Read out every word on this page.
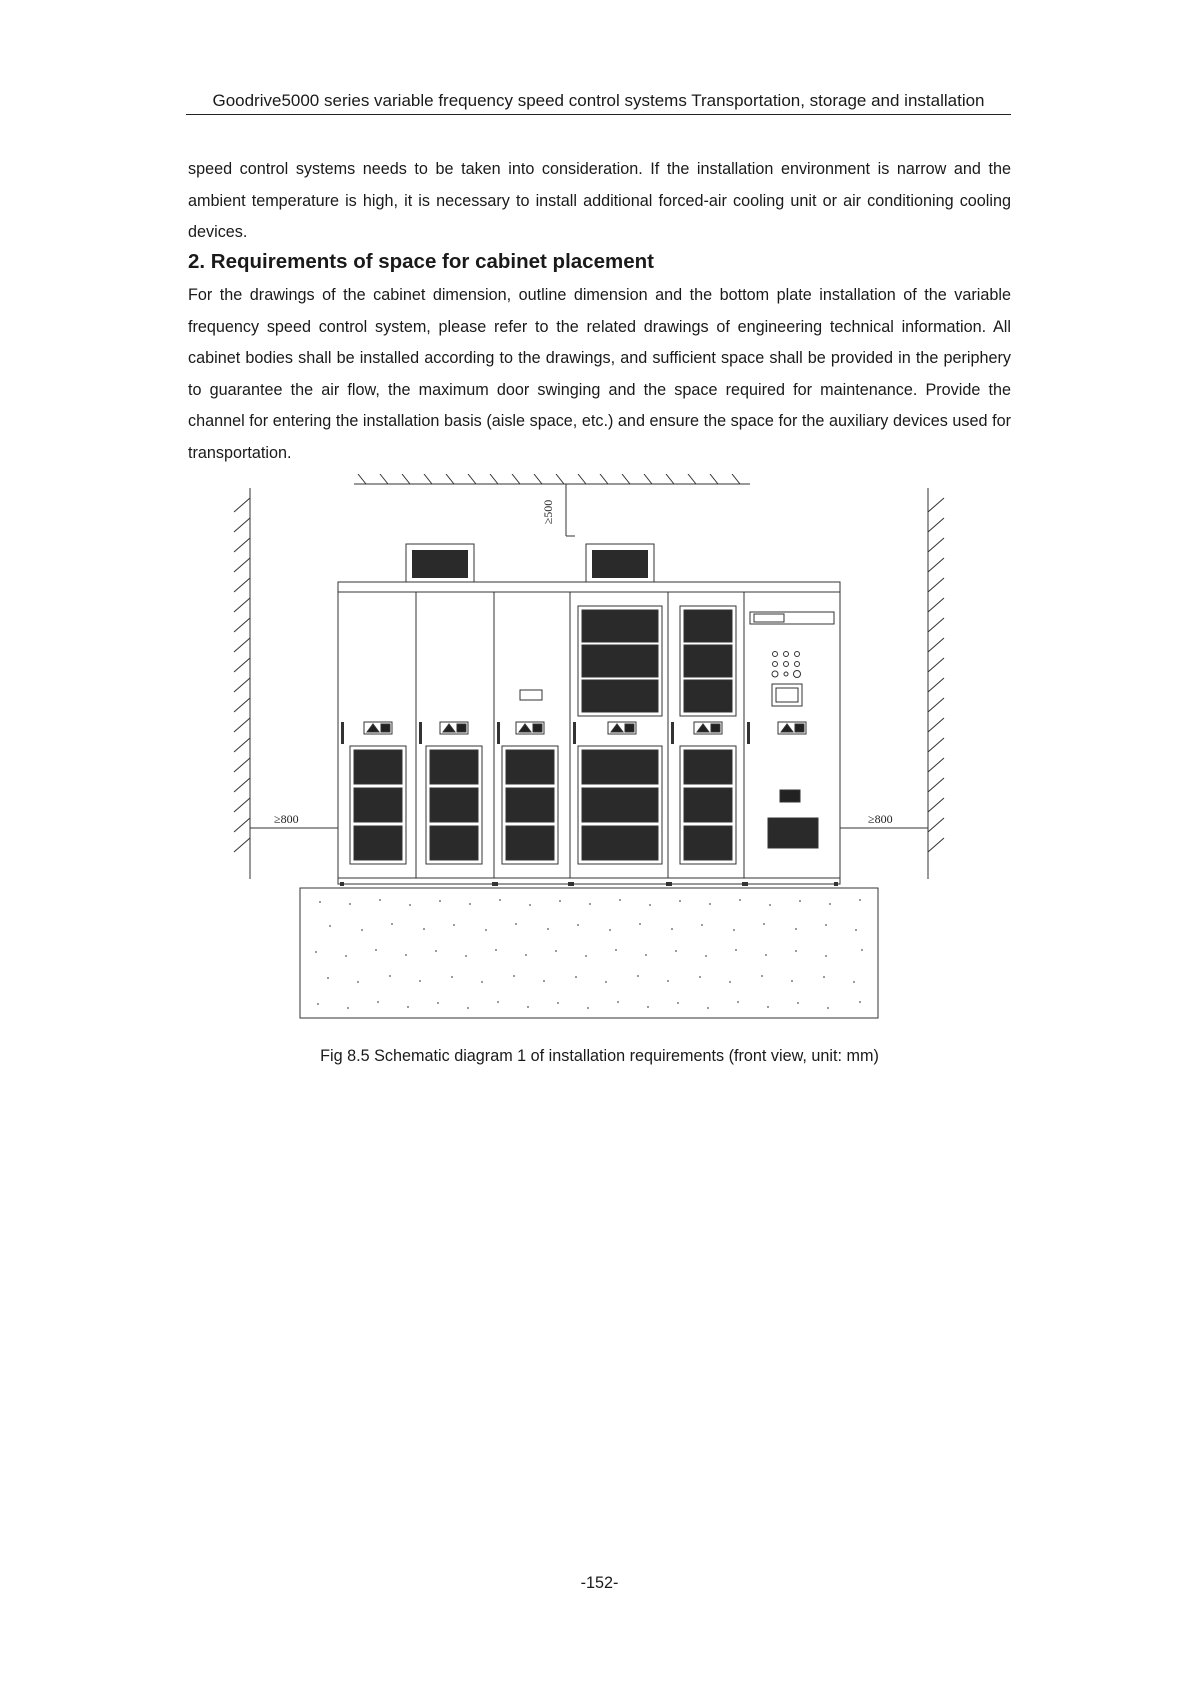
Goodrive5000 series variable frequency speed control systems Transportation, storage and installation
speed control systems needs to be taken into consideration. If the installation environment is narrow and the ambient temperature is high, it is necessary to install additional forced-air cooling unit or air conditioning cooling devices.
2. Requirements of space for cabinet placement
For the drawings of the cabinet dimension, outline dimension and the bottom plate installation of the variable frequency speed control system, please refer to the related drawings of engineering technical information. All cabinet bodies shall be installed according to the drawings, and sufficient space shall be provided in the periphery to guarantee the air flow, the maximum door swinging and the space required for maintenance. Provide the channel for entering the installation basis (aisle space, etc.) and ensure the space for the auxiliary devices used for transportation.
≥500
≥800	≥800
Fig 8.5 Schematic diagram 1 of installation requirements (front view, unit: mm)
-152-
